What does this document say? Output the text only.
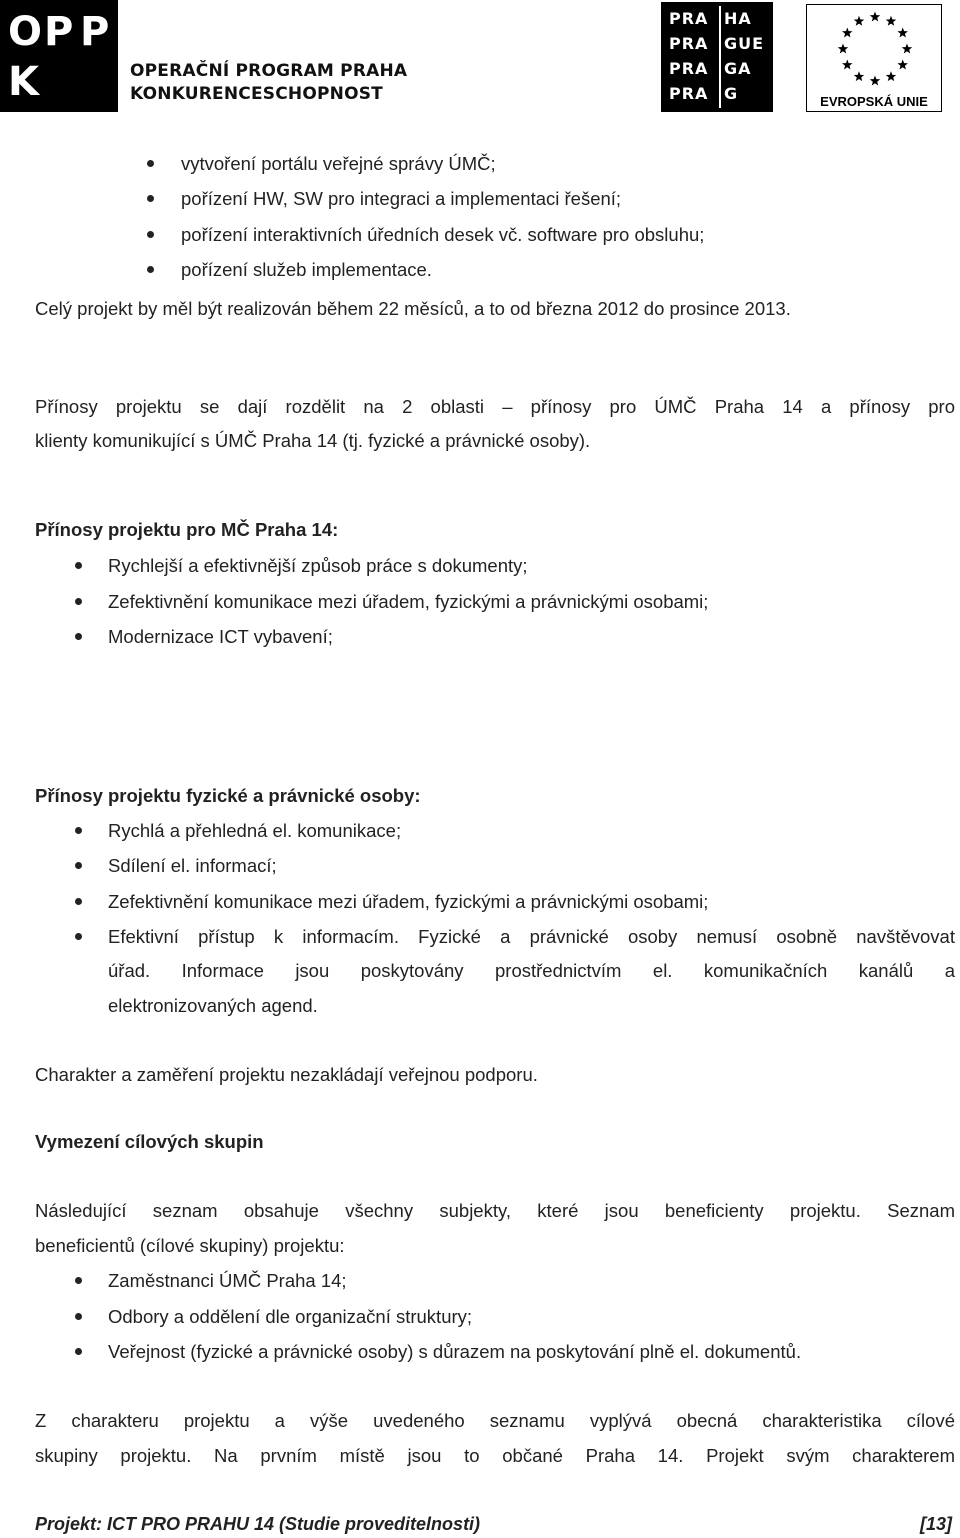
O P P
K	OPERAČNÍ PROGRAM PRAHA
KONKURENCESCHOPNOST
PRA HA
PRA GUE
PRA GA
PRA G	EVROPSKÁ UNIE
vytvoření portálu veřejné správy ÚMČ;
pořízení HW, SW pro integraci a implementaci řešení;
pořízení interaktivních úředních desek vč. software pro obsluhu;
pořízení služeb implementace.
Celý projekt by měl být realizován během 22 měsíců, a to od března 2012 do prosince 2013.
Přínosy projektu se dají rozdělit na 2 oblasti – přínosy pro ÚMČ Praha 14 a přínosy pro
klienty komunikující s ÚMČ Praha 14 (tj. fyzické a právnické osoby).
Přínosy projektu pro MČ Praha 14:
Rychlejší a efektivnější způsob práce s dokumenty;
Zefektivnění komunikace mezi úřadem, fyzickými a právnickými osobami;
Modernizace ICT vybavení;
Přínosy projektu fyzické a právnické osoby:
Rychlá a přehledná el. komunikace;
Sdílení el. informací;
Zefektivnění komunikace mezi úřadem, fyzickými a právnickými osobami;
Efektivní přístup k informacím. Fyzické a právnické osoby nemusí osobně navštěvovat
úřad. Informace jsou poskytovány prostřednictvím el. komunikačních kanálů a
elektronizovaných agend.
Charakter a zaměření projektu nezakládají veřejnou podporu.
Vymezení cílových skupin
Následující seznam obsahuje všechny subjekty, které jsou beneficienty projektu. Seznam
beneficientů (cílové skupiny) projektu:
Zaměstnanci ÚMČ Praha 14;
Odbory a oddělení dle organizační struktury;
Veřejnost (fyzické a právnické osoby) s důrazem na poskytování plně el. dokumentů.
Z charakteru projektu a výše uvedeného seznamu vyplývá obecná charakteristika cílové
skupiny projektu. Na prvním místě jsou to občané Praha 14. Projekt svým charakterem
Projekt: ICT PRO PRAHU 14 (Studie proveditelnosti)	[13]
